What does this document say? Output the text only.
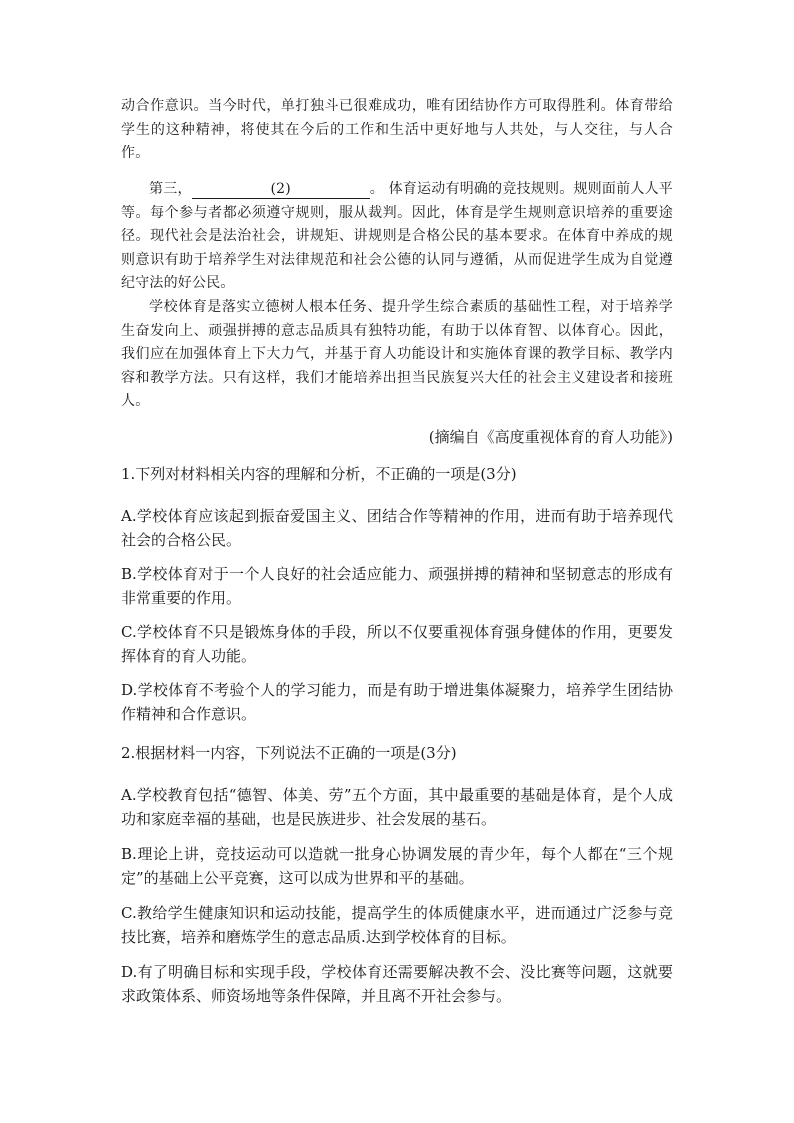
动合作意识。当今时代，单打独斗已很难成功，唯有团结协作方可取得胜利。体育带给学生的这种精神，将使其在今后的工作和生活中更好地与人共处，与人交往，与人合作。

第三，	(2)	。 体育运动有明确的竞技规则。规则面前人人平等。每个参与者都必须遵守规则，服从裁判。因此，体育是学生规则意识培养的重要途径。现代社会是法治社会，讲规矩、讲规则是合格公民的基本要求。在体育中养成的规则意识有助于培养学生对法律规范和社会公德的认同与遵循，从而促进学生成为自觉遵纪守法的好公民。

学校体育是落实立德树人根本任务、提升学生综合素质的基础性工程，对于培养学生奋发向上、顽强拼搏的意志品质具有独特功能，有助于以体育智、以体育心。因此，我们应在加强体育上下大力气，并基于育人功能设计和实施体育课的教学目标、教学内容和教学方法。只有这样，我们才能培养出担当民族复兴大任的社会主义建设者和接班人。

(摘编自《高度重视体育的育人功能》)

1.下列对材料相关内容的理解和分析，不正确的一项是(3分)

A.学校体育应该起到振奋爱国主义、团结合作等精神的作用，进而有助于培养现代社会的合格公民。

B.学校体育对于一个人良好的社会适应能力、顽强拼搏的精神和坚韧意志的形成有非常重要的作用。

C.学校体育不只是锻炼身体的手段，所以不仅要重视体育强身健体的作用，更要发挥体育的育人功能。

D.学校体育不考验个人的学习能力，而是有助于增进集体凝聚力，培养学生团结协作精神和合作意识。

2.根据材料一内容，下列说法不正确的一项是(3分)

A.学校教育包括“德智、体美、劳”五个方面，其中最重要的基础是体育，是个人成功和家庭幸福的基础，也是民族进步、社会发展的基石。

B.理论上讲，竞技运动可以造就一批身心协调发展的青少年，每个人都在“三个规定”的基础上公平竞赛，这可以成为世界和平的基础。

C.教给学生健康知识和运动技能，提高学生的体质健康水平，进而通过广泛参与竞技比赛，培养和磨炼学生的意志品质.达到学校体育的目标。

D.有了明确目标和实现手段，学校体育还需要解决教不会、没比赛等问题，这就要求政策体系、师资场地等条件保障，并且离不开社会参与。
